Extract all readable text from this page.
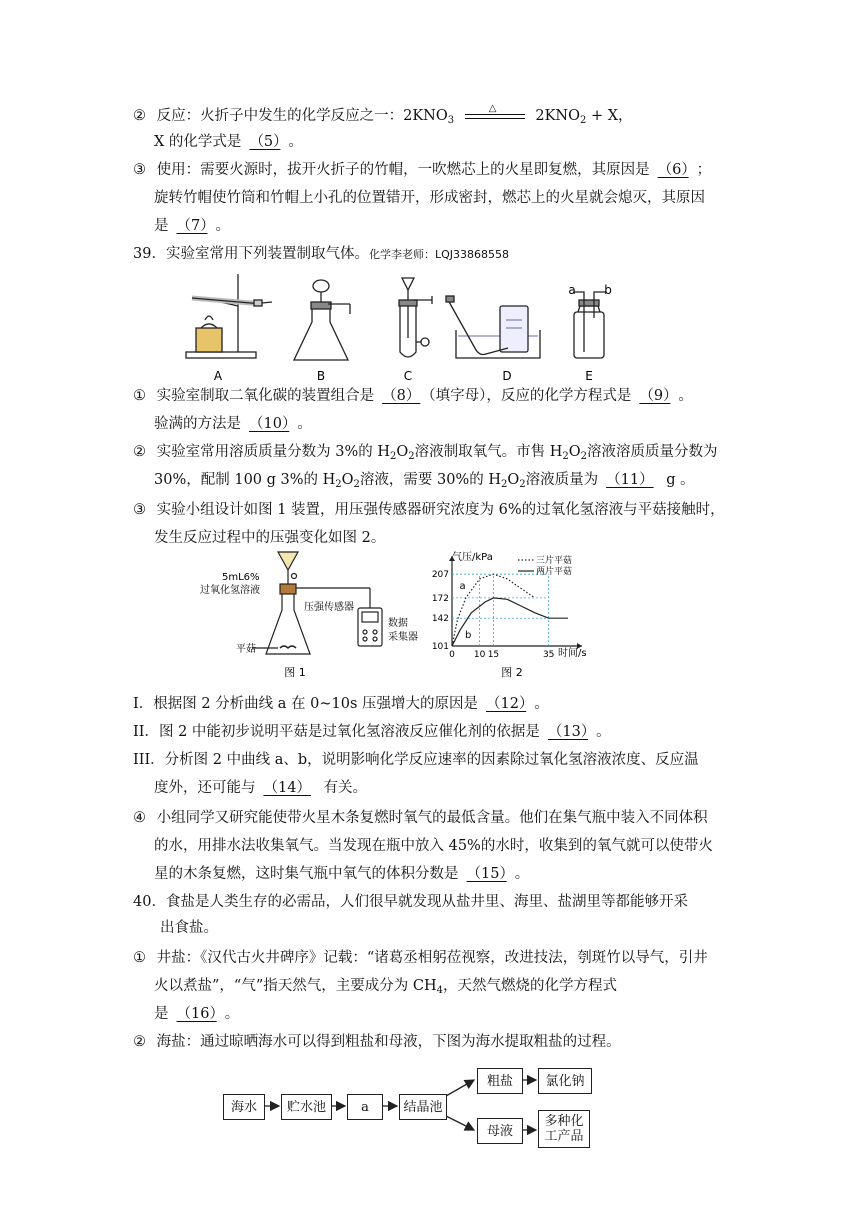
② 反应：火折子中发生的化学反应之一：$2KNO_3$
△	$2KNO_2 + X$，
X 的化学式是 （5） 。
③ 使用：需要火源时，拔开火折子的竹帽，一吹燃芯上的火星即复燃，其原因是 （6） ；
旋转竹帽使竹筒和竹帽上小孔的位置错开，形成密封，燃芯上的火星就会熄灭，其原因
是 （7） 。
39．实验室常用下列装置制取气体。化学李老师：LQJ33868558
A	B	C	D
a b
E
① 实验室制取二氧化碳的装置组合是 （8） （填字母），反应的化学方程式是 （9） 。
验满的方法是 （10） 。
② 实验室常用溶质质量分数为 3%的 $H_2O_2$溶液制取氧气。市售 $H_2O_2$溶液溶质质量分数为
30%，配制 100 g 3%的 $H_2O_2$溶液，需要 30%的 $H_2O_2$溶液质量为 （11） g 。
③ 实验小组设计如图 1 装置，用压强传感器研究浓度为 6%的过氧化氢溶液与平菇接触时，
发生反应过程中的压强变化如图 2。
5mL6%
过氧化氢溶液
压强传感器
数据
采集器
平菇
图 1
101
142
172
207
0 10 15	35
三片平菇
a
两片平菇
b
气压/kPa
时间/s
图 2
I．根据图 2 分析曲线 a 在 0~10s 压强增大的原因是 （12） 。
II．图 2 中能初步说明平菇是过氧化氢溶液反应催化剂的依据是 （13） 。
III．分析图 2 中曲线 a、b，说明影响化学反应速率的因素除过氧化氢溶液浓度、反应温
度外，还可能与 （14） 有关。
④ 小组同学又研究能使带火星木条复燃时氧气的最低含量。他们在集气瓶中装入不同体积
的水，用排水法收集氧气。当发现在瓶中放入 45%的水时，收集到的氧气就可以使带火
星的木条复燃，这时集气瓶中氧气的体积分数是 （15） 。
40．食盐是人类生存的必需品，人们很早就发现从盐井里、海里、盐湖里等都能够开采
出食盐。
① 井盐：《汉代古火井碑序》记载：“诸葛丞相躬莅视察，改进技法，刳斑竹以导气，引井
火以煮盐”，“气”指天然气，主要成分为 $CH_4$，天然气燃烧的化学方程式
是 （16） 。
② 海盐：通过晾晒海水可以得到粗盐和母液，下图为海水提取粗盐的过程。
海水	贮水池	a	结晶池
粗盐	氯化钠
母液
多种化工产品
